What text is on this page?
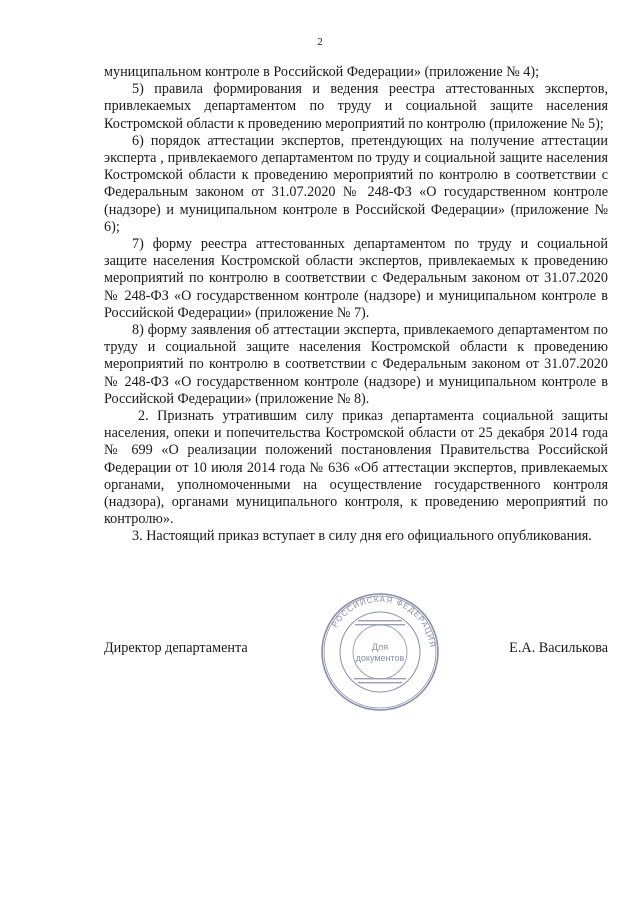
2

муниципальном контроле в Российской Федерации» (приложение № 4);

5) правила формирования и ведения реестра аттестованных экспертов, привлекаемых департаментом по труду и социальной защите населения Костромской области к проведению мероприятий по контролю (приложение № 5);

6) порядок аттестации экспертов, претендующих на получение аттестации эксперта , привлекаемого департаментом по труду и социальной защите населения Костромской области к проведению мероприятий по контролю в соответствии с Федеральным законом от 31.07.2020 № 248-ФЗ «О государственном контроле (надзоре) и муниципальном контроле в Российской Федерации» (приложение № 6);

7) форму реестра аттестованных департаментом по труду и социальной защите населения Костромской области экспертов, привлекаемых к проведению мероприятий по контролю в соответствии с Федеральным законом от 31.07.2020 № 248-ФЗ «О государственном контроле (надзоре) и муниципальном контроле в Российской Федерации» (приложение № 7).

8) форму заявления об аттестации эксперта, привлекаемого департаментом по труду и социальной защите населения Костромской области к проведению мероприятий по контролю в соответствии с Федеральным законом от 31.07.2020 № 248-ФЗ «О государственном контроле (надзоре) и муниципальном контроле в Российской Федерации» (приложение № 8).

2. Признать утратившим силу приказ департамента социальной защиты населения, опеки и попечительства Костромской области от 25 декабря 2014 года № 699 «О реализации положений постановления Правительства Российской Федерации от 10 июля 2014 года № 636 «Об аттестации экспертов, привлекаемых органами, уполномоченными на осуществление государственного контроля (надзора), органами муниципального контроля, к проведению мероприятий по контролю».

3. Настоящий приказ вступает в силу дня его официального опубликования.

РОССИЙСКАЯ ФЕДЕРАЦИЯ
Для
документов
Директор департамента	Е.А. Василькова
